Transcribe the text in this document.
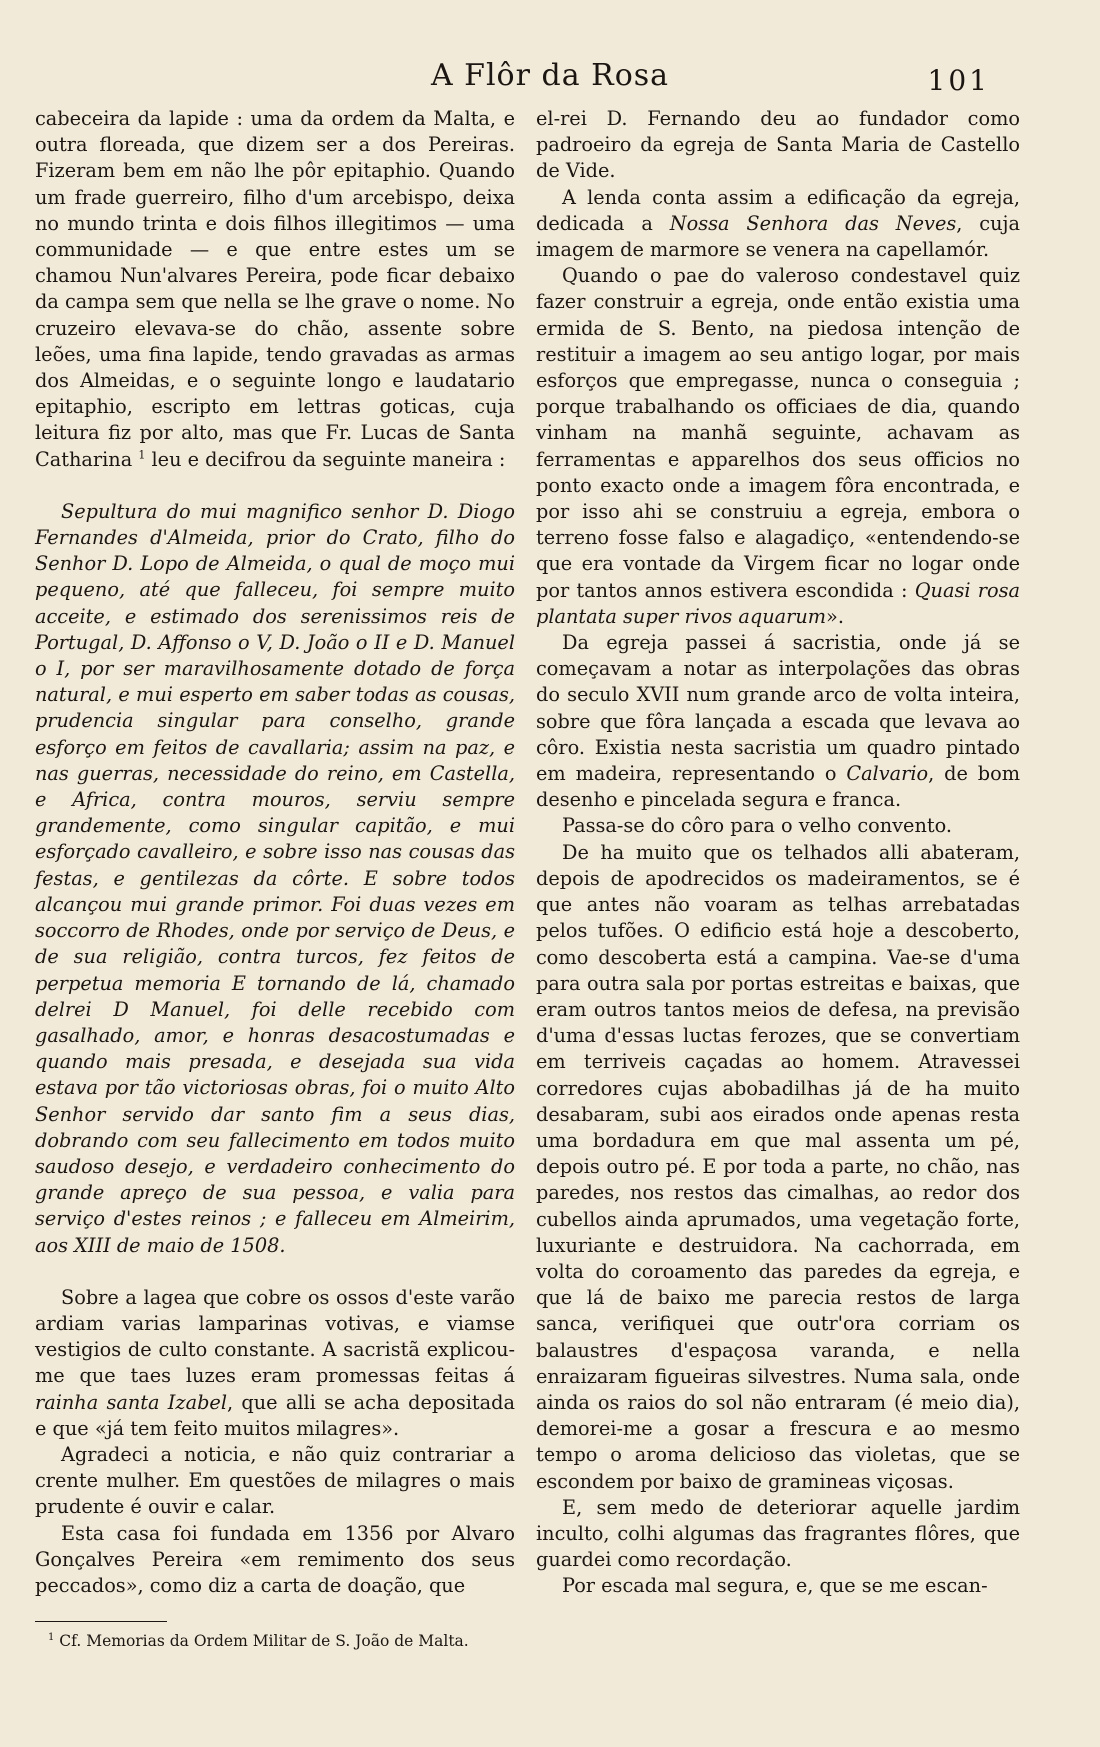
A Flôr da Rosa	101

cabeceira da lapide : uma da ordem da Malta, e outra floreada, que dizem ser a dos Pereiras. Fizeram bem em não lhe pôr epitaphio. Quando um frade guerreiro, filho d'um arcebispo, deixa no mundo trinta e dois filhos illegitimos — uma communidade — e que entre estes um se chamou Nun'alvares Pereira, pode ficar debaixo da campa sem que nella se lhe grave o nome. No cruzeiro elevava-se do chão, assente sobre leões, uma fina lapide, tendo gravadas as armas dos Almeidas, e o seguinte longo e laudatario epitaphio, escripto em lettras goticas, cuja leitura fiz por alto, mas que Fr. Lucas de Santa Catharina $^1$ leu e decifrou da seguinte maneira :

Sepultura do mui magnifico senhor D. Diogo Fernandes d'Almeida, prior do Crato, filho do Senhor D. Lopo de Almeida, o qual de moço mui pequeno, até que falleceu, foi sempre muito acceite, e estimado dos serenissimos reis de Portugal, D. Affonso o V, D. João o II e D. Manuel o I, por ser maravilhosamente dotado de força natural, e mui esperto em saber todas as cousas, prudencia singular para conselho, grande esforço em feitos de cavallaria; assim na paz, e nas guerras, necessidade do reino, em Castella, e Africa, contra mouros, serviu sempre grandemente, como singular capitão, e mui esforçado cavalleiro, e sobre isso nas cousas das festas, e gentilezas da côrte. E sobre todos alcançou mui grande primor. Foi duas vezes em soccorro de Rhodes, onde por serviço de Deus, e de sua religião, contra turcos, fez feitos de perpetua memoria E tornando de lá, chamado delrei D Manuel, foi delle recebido com gasalhado, amor, e honras desacostumadas e quando mais presada, e desejada sua vida estava por tão victoriosas obras, foi o muito Alto Senhor servido dar santo fim a seus dias, dobrando com seu fallecimento em todos muito saudoso desejo, e verdadeiro conhecimento do grande apreço de sua pessoa, e valia para serviço d'estes reinos ; e falleceu em Almeirim, aos XIII de maio de 1508.

Sobre a lagea que cobre os ossos d'este varão ardiam varias lamparinas votivas, e viamse vestigios de culto constante. A sacristã explicou-me que taes luzes eram promessas feitas á rainha santa Izabel, que alli se acha depositada e que «já tem feito muitos milagres».

Agradeci a noticia, e não quiz contrariar a crente mulher. Em questões de milagres o mais prudente é ouvir e calar.

Esta casa foi fundada em 1356 por Alvaro Gonçalves Pereira «em remimento dos seus peccados», como diz a carta de doação, que

el-rei D. Fernando deu ao fundador como padroeiro da egreja de Santa Maria de Castello de Vide.

A lenda conta assim a edificação da egreja, dedicada a Nossa Senhora das Neves, cuja imagem de marmore se venera na capellamór.

Quando o pae do valeroso condestavel quiz fazer construir a egreja, onde então existia uma ermida de S. Bento, na piedosa intenção de restituir a imagem ao seu antigo logar, por mais esforços que empregasse, nunca o conseguia ; porque trabalhando os officiaes de dia, quando vinham na manhã seguinte, achavam as ferramentas e apparelhos dos seus officios no ponto exacto onde a imagem fôra encontrada, e por isso ahi se construiu a egreja, embora o terreno fosse falso e alagadiço, «entendendo-se que era vontade da Virgem ficar no logar onde por tantos annos estivera escondida : Quasi rosa plantata super rivos aquarum».

Da egreja passei á sacristia, onde já se começavam a notar as interpolações das obras do seculo XVII num grande arco de volta inteira, sobre que fôra lançada a escada que levava ao côro. Existia nesta sacristia um quadro pintado em madeira, representando o Calvario, de bom desenho e pincelada segura e franca.

Passa-se do côro para o velho convento.

De ha muito que os telhados alli abateram, depois de apodrecidos os madeiramentos, se é que antes não voaram as telhas arrebatadas pelos tufões. O edificio está hoje a descoberto, como descoberta está a campina. Vae-se d'uma para outra sala por portas estreitas e baixas, que eram outros tantos meios de defesa, na previsão d'uma d'essas luctas ferozes, que se convertiam em terriveis caçadas ao homem. Atravessei corredores cujas abobadilhas já de ha muito desabaram, subi aos eirados onde apenas resta uma bordadura em que mal assenta um pé, depois outro pé. E por toda a parte, no chão, nas paredes, nos restos das cimalhas, ao redor dos cubellos ainda aprumados, uma vegetação forte, luxuriante e destruidora. Na cachorrada, em volta do coroamento das paredes da egreja, e que lá de baixo me parecia restos de larga sanca, verifiquei que outr'ora corriam os balaustres d'espaçosa varanda, e nella enraizaram figueiras silvestres. Numa sala, onde ainda os raios do sol não entraram (é meio dia), demorei-me a gosar a frescura e ao mesmo tempo o aroma delicioso das violetas, que se escondem por baixo de gramineas viçosas.

E, sem medo de deteriorar aquelle jardim inculto, colhi algumas das fragrantes flôres, que guardei como recordação.

Por escada mal segura, e, que se me escan-

$^1$ Cf. Memorias da Ordem Militar de S. João de Malta.
